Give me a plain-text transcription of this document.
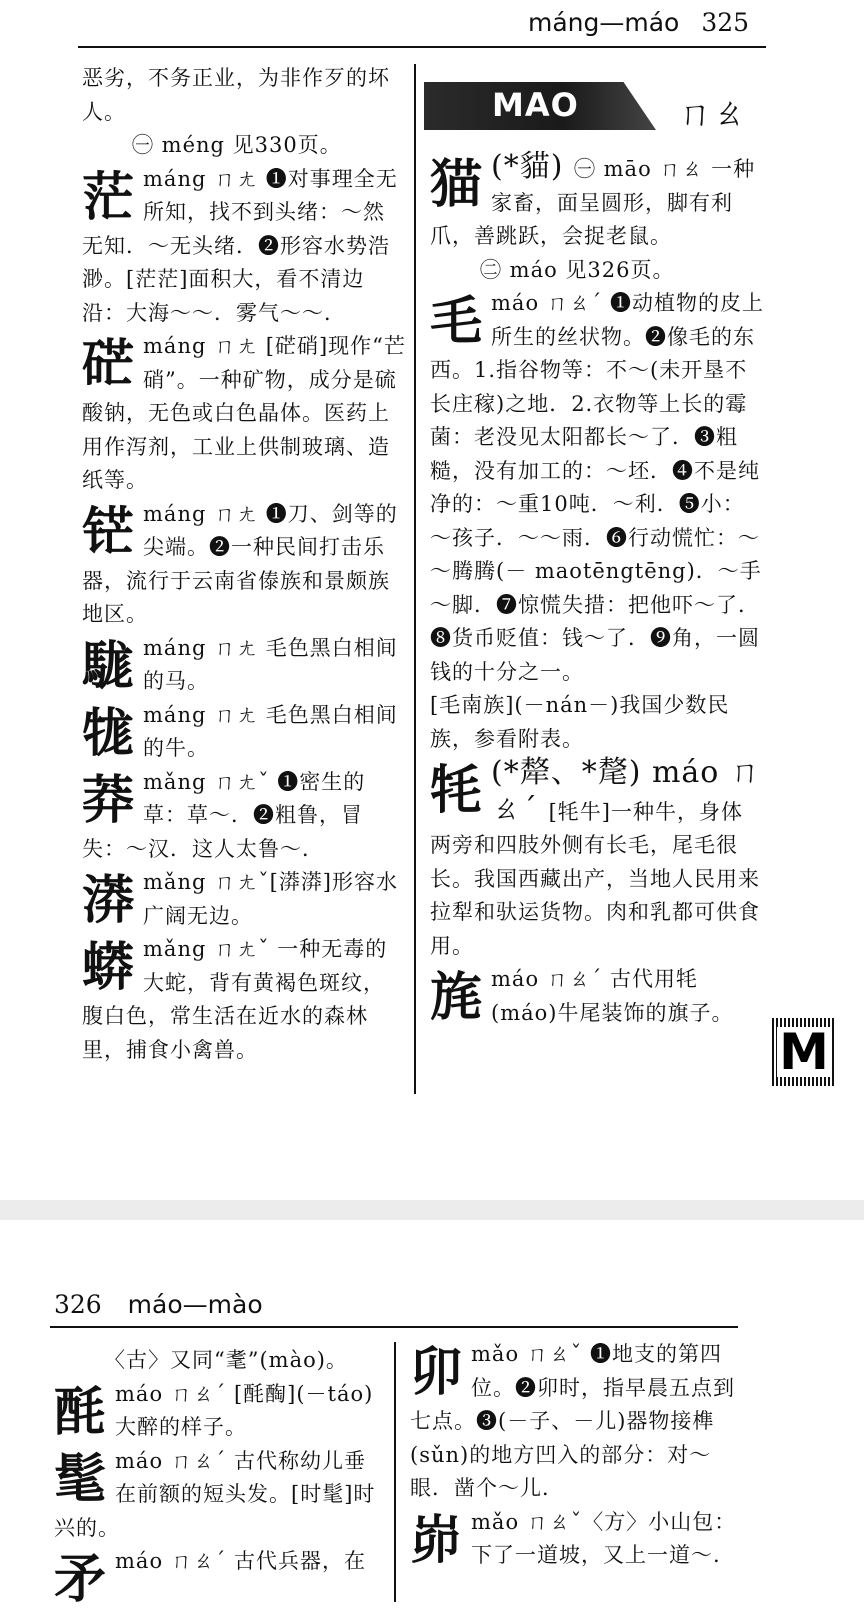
máng—máo 325
MAO	ㄇㄠ
恶劣，不务正业，为非作歹的坏人。
㊀ méng 见330页。
茫máng ㄇㄤ ❶对事理全无所知，找不到头绪：～然无知．～无头绪．❷形容水势浩渺。[茫茫]面积大，看不清边沿：大海～～．雾气～～．
硭máng ㄇㄤ [硭硝]现作“芒硝”。一种矿物，成分是硫酸钠，无色或白色晶体。医药上用作泻剂，工业上供制玻璃、造纸等。
铓máng ㄇㄤ ❶刀、剑等的尖端。❷一种民间打击乐器，流行于云南省傣族和景颇族地区。
駹máng ㄇㄤ 毛色黑白相间的马。
牻máng ㄇㄤ 毛色黑白相间的牛。
莽mǎng ㄇㄤˇ ❶密生的草：草～．❷粗鲁，冒失：～汉．这人太鲁～．
漭mǎng ㄇㄤˇ[漭漭]形容水广阔无边。
蟒mǎng ㄇㄤˇ 一种无毒的大蛇，背有黄褐色斑纹，腹白色，常生活在近水的森林里，捕食小禽兽。
猫 (*貓) ㊀ māo ㄇㄠ 一种家畜，面呈圆形，脚有利爪，善跳跃，会捉老鼠。
㊁ máo 见326页。
毛máo ㄇㄠˊ ❶动植物的皮上所生的丝状物。❷像毛的东西。1.指谷物等：不～(未开垦不长庄稼)之地．2.衣物等上长的霉菌：老没见太阳都长～了．❸粗糙，没有加工的：～坯．❹不是纯净的：～重10吨．～利．❺小：～孩子．～～雨．❻行动慌忙：～～腾腾(－ maotēngtēng)．～手～脚．❼惊慌失措：把他吓～了．❽货币贬值：钱～了．❾角，一圆钱的十分之一。
[毛南族](－nán－)我国少数民族，参看附表。
牦 (*犛、*氂) máo ㄇㄠˊ [牦牛]一种牛，身体两旁和四肢外侧有长毛，尾毛很长。我国西藏出产，当地人民用来拉犁和驮运货物。肉和乳都可供食用。
旄máo ㄇㄠˊ 古代用牦(máo)牛尾装饰的旗子。
M
326 máo—mào
〈古〉又同“耄”(mào)。
酕máo ㄇㄠˊ [酕醄](－táo)大醉的样子。
髦máo ㄇㄠˊ 古代称幼儿垂在前额的短头发。[时髦]时兴的。
矛máo ㄇㄠˊ 古代兵器，在
卯mǎo ㄇㄠˇ ❶地支的第四位。❷卯时，指早晨五点到七点。❸(－子、－儿)器物接榫(sǔn)的地方凹入的部分：对～眼．凿个～儿．
峁mǎo ㄇㄠˇ〈方〉小山包：下了一道坡，又上一道～.
